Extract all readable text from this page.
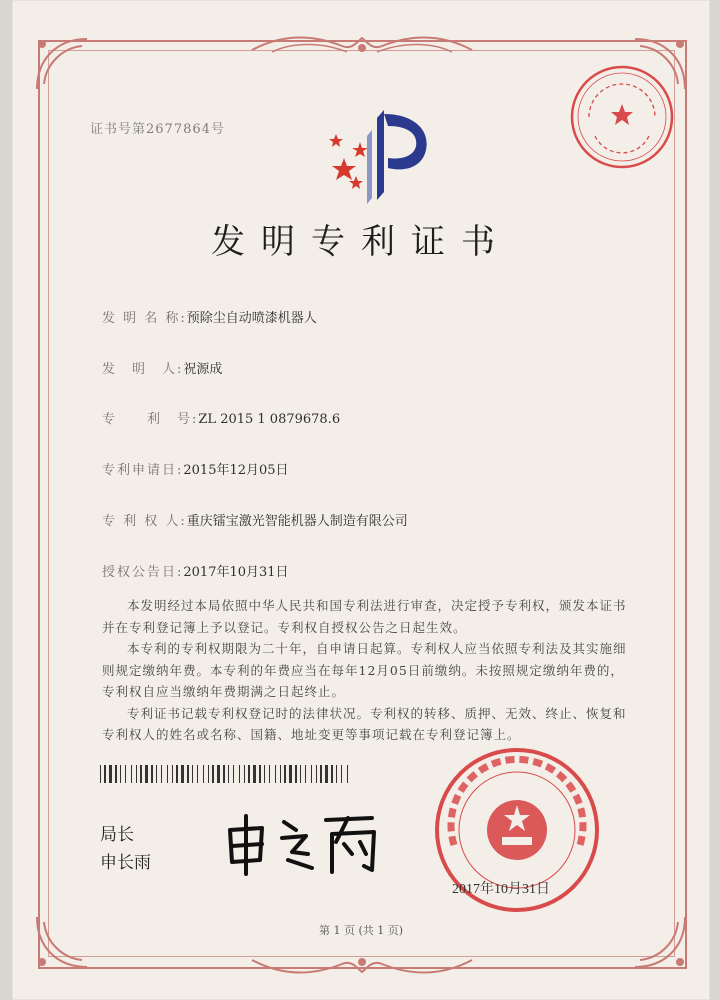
证书号第2677864号
发明专利证书
发 明 名 称:预除尘自动喷漆机器人
发　明　人:祝源成
专　　利　号:ZL 2015 1 0879678.6
专利申请日:2015年12月05日
专 利 权 人:重庆镭宝激光智能机器人制造有限公司
授权公告日:2017年10月31日

本发明经过本局依照中华人民共和国专利法进行审查，决定授予专利权，颁发本证书并在专利登记簿上予以登记。专利权自授权公告之日起生效。

本专利的专利权期限为二十年，自申请日起算。专利权人应当依照专利法及其实施细则规定缴纳年费。本专利的年费应当在每年12月05日前缴纳。未按照规定缴纳年费的，专利权自应当缴纳年费期满之日起终止。

专利证书记载专利权登记时的法律状况。专利权的转移、质押、无效、终止、恢复和专利权人的姓名或名称、国籍、地址变更等事项记载在专利登记簿上。

局长
申长雨
2017年10月31日
第 1 页 (共 1 页)
